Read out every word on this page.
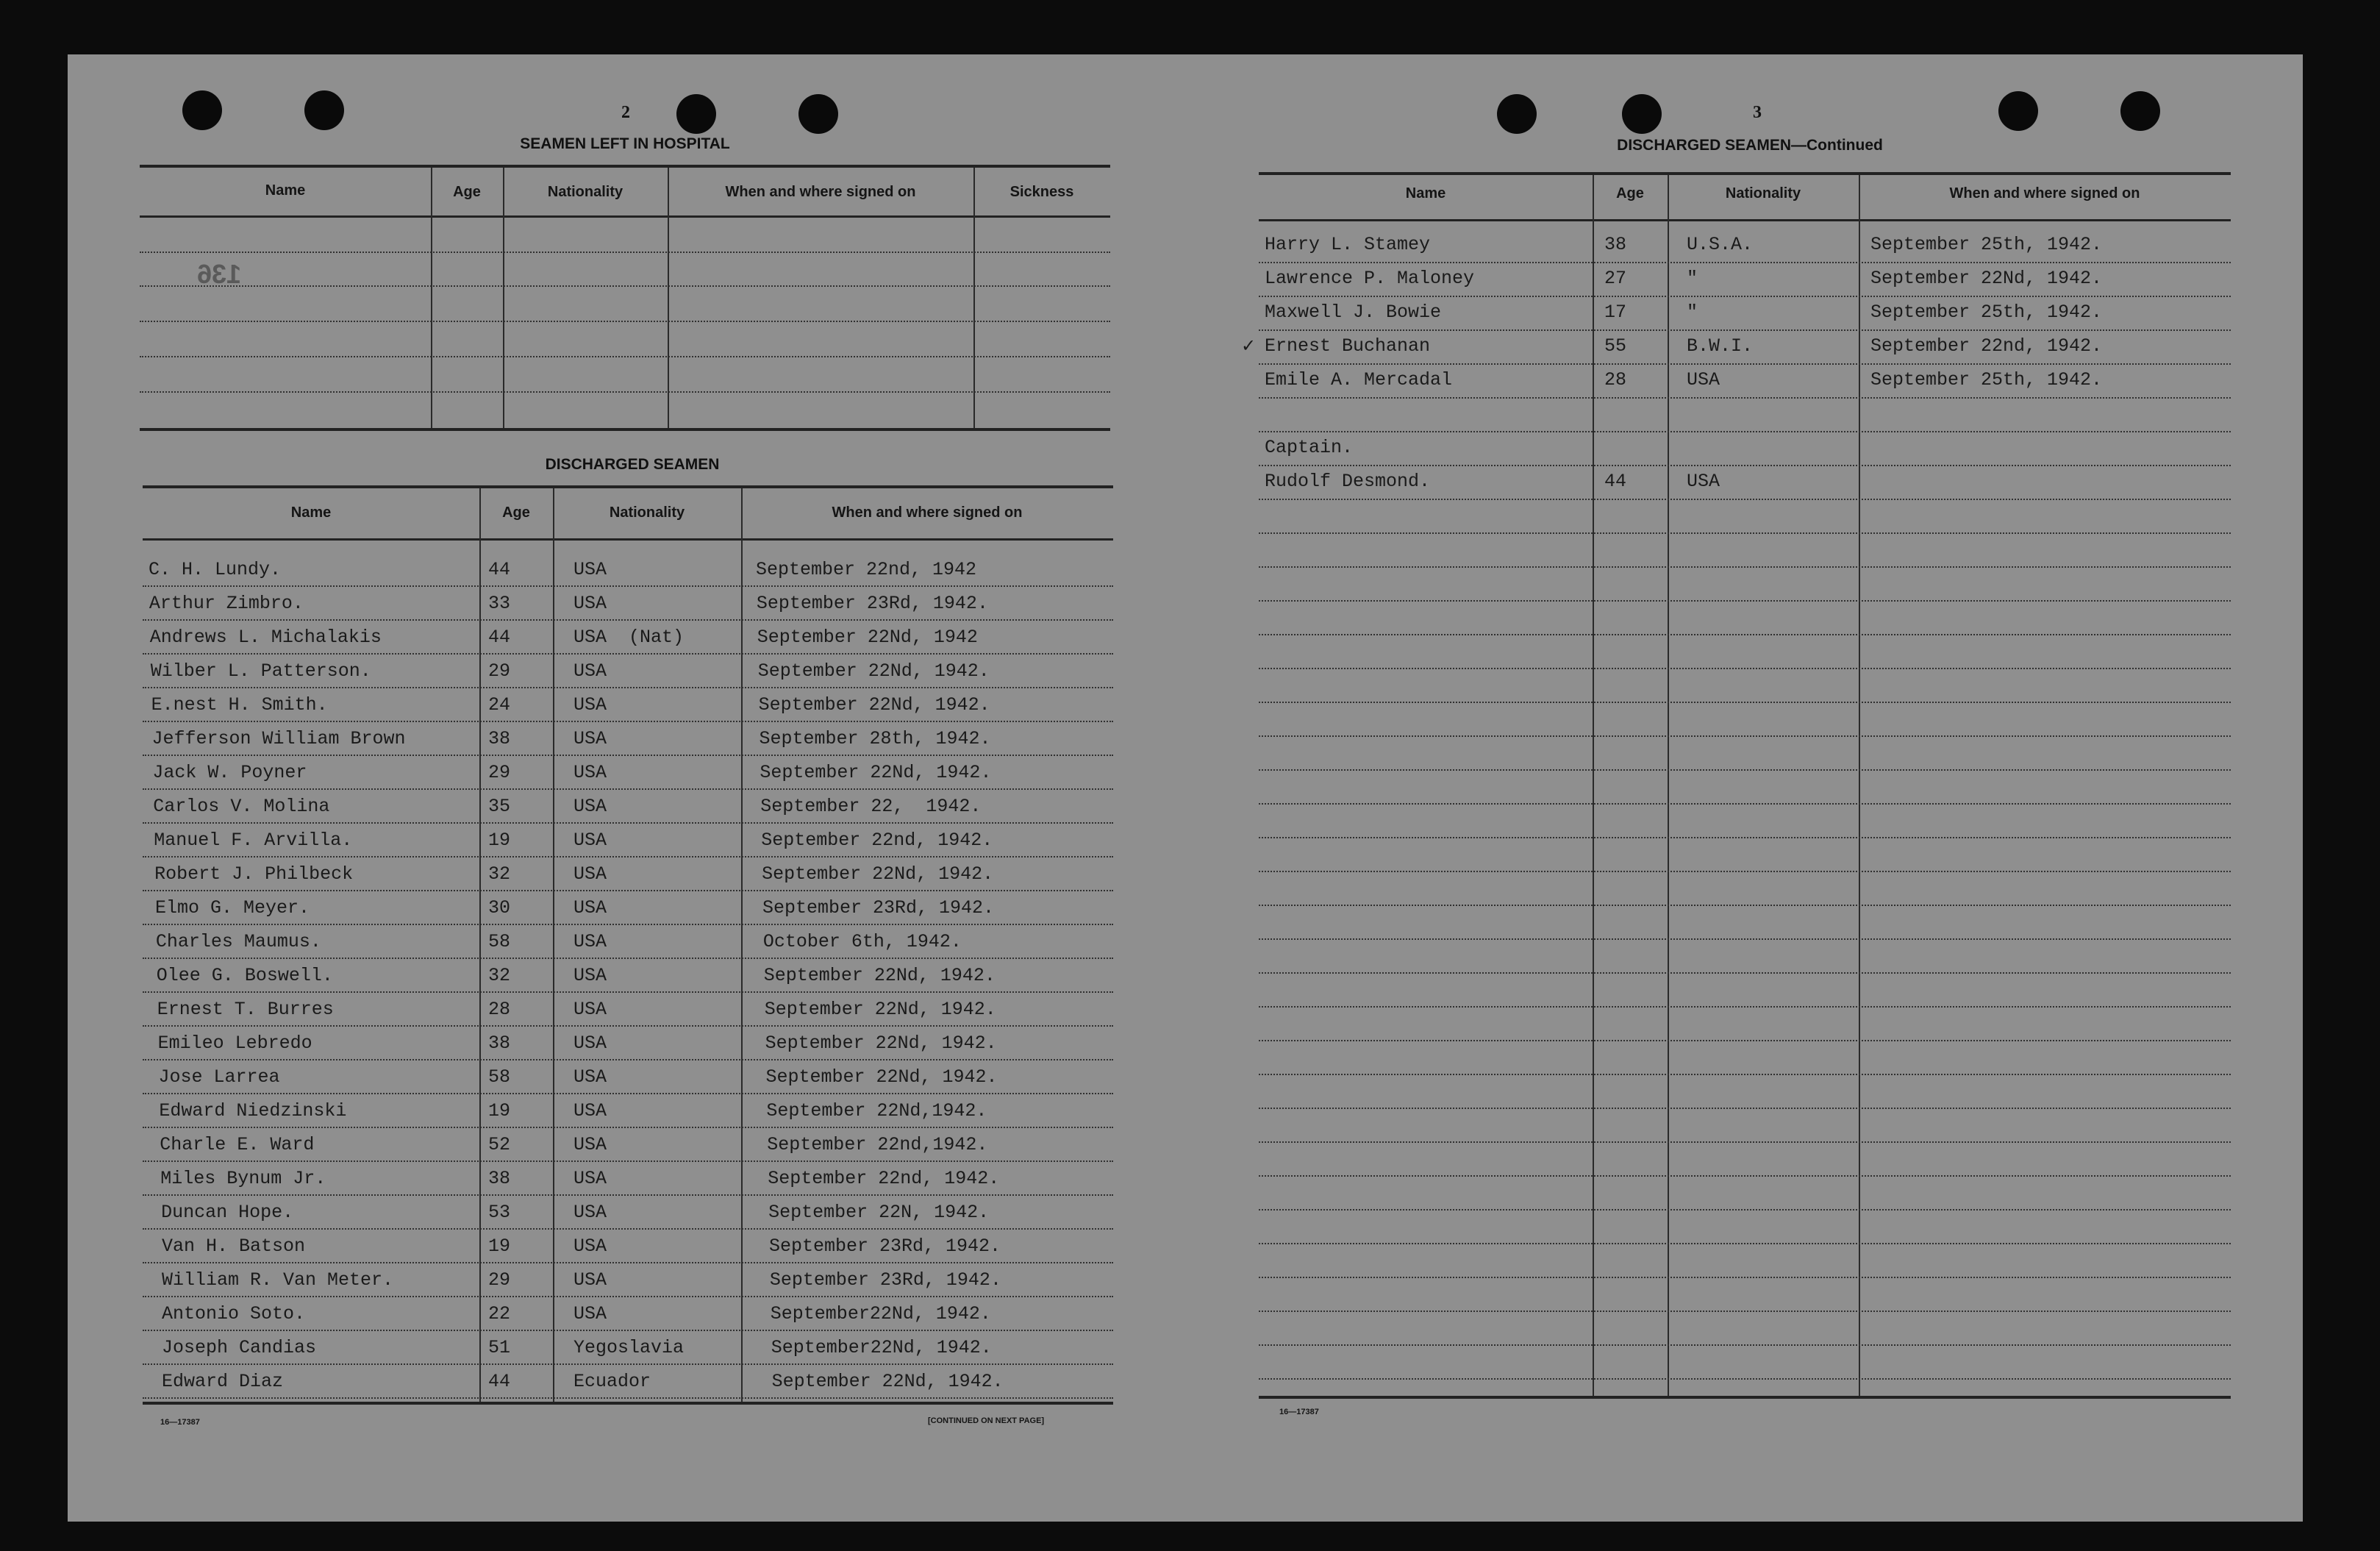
2
SEAMEN LEFT IN HOSPITAL
Name	Age	Nationality	When and where signed on	Sickness
136
DISCHARGED SEAMEN
Name	Age	Nationality	When and where signed on
C. H. Lundy.	44	USA	September 22nd, 1942
Arthur Zimbro.	33	USA	September 23Rd, 1942.
Andrews L. Michalakis	44	USA  (Nat)	September 22Nd, 1942
Wilber L. Patterson.	29	USA	September 22Nd, 1942.
E.nest H. Smith.	24	USA	September 22Nd, 1942.
Jefferson William Brown	38	USA	September 28th, 1942.
Jack W. Poyner	29	USA	September 22Nd, 1942.
Carlos V. Molina	35	USA	September 22,  1942.
Manuel F. Arvilla.	19	USA	September 22nd, 1942.
Robert J. Philbeck	32	USA	September 22Nd, 1942.
Elmo G. Meyer.	30	USA	September 23Rd, 1942.
Charles Maumus.	58	USA	October 6th, 1942.
Olee G. Boswell.	32	USA	September 22Nd, 1942.
Ernest T. Burres	28	USA	September 22Nd, 1942.
Emileo Lebredo	38	USA	September 22Nd, 1942.
Jose Larrea	58	USA	September 22Nd, 1942.
Edward Niedzinski	19	USA	September 22Nd,1942.
Charle E. Ward	52	USA	September 22nd,1942.
Miles Bynum Jr.	38	USA	September 22nd, 1942.
Duncan Hope.	53	USA	September 22N, 1942.
Van H. Batson	19	USA	September 23Rd, 1942.
William R. Van Meter.	29	USA	September 23Rd, 1942.
Antonio Soto.	22	USA	September22Nd, 1942.
Joseph Candias	51	Yegoslavia	September22Nd, 1942.
Edward Diaz	44	Ecuador	September 22Nd, 1942.
16—17387	[CONTINUED ON NEXT PAGE]
3
DISCHARGED SEAMEN—Continued
Name	Age	Nationality	When and where signed on
Harry L. Stamey	38	U.S.A.	September 25th, 1942.
Lawrence P. Maloney	27	"	September 22Nd, 1942.
Maxwell J. Bowie	17	"	September 25th, 1942.
Ernest Buchanan	55	B.W.I.	September 22nd, 1942.
Emile A. Mercadal	28	USA	September 25th, 1942.
Captain.
Rudolf Desmond.	44	USA
✓
16—17387
